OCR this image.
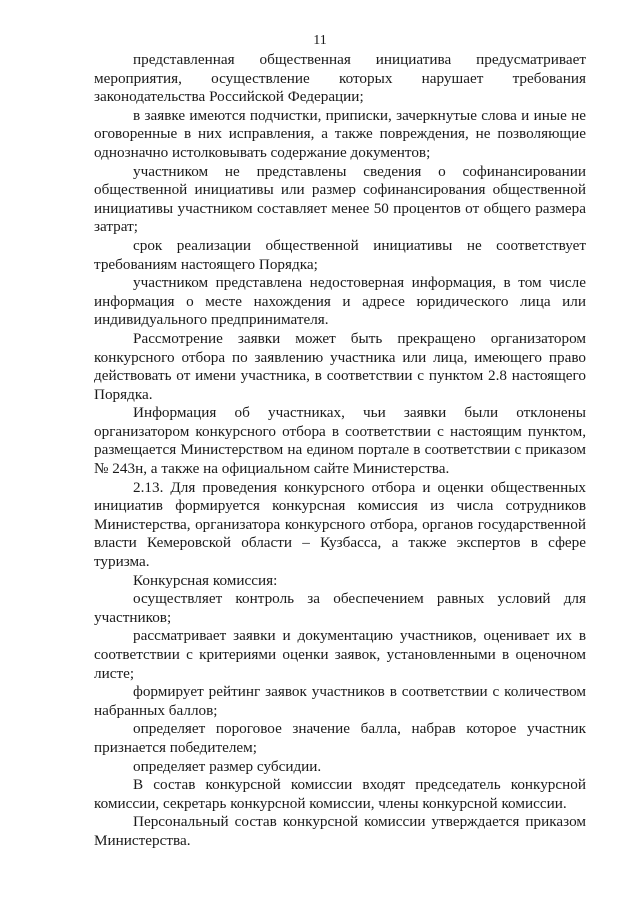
11

представленная общественная инициатива предусматривает мероприятия, осуществление которых нарушает требования законодательства Российской Федерации;

в заявке имеются подчистки, приписки, зачеркнутые слова и иные не оговоренные в них исправления, а также повреждения, не позволяющие однозначно истолковывать содержание документов;

участником не представлены сведения о софинансировании общественной инициативы или размер софинансирования общественной инициативы участником составляет менее 50 процентов от общего размера затрат;

срок реализации общественной инициативы не соответствует требованиям настоящего Порядка;

участником представлена недостоверная информация, в том числе информация о месте нахождения и адресе юридического лица или индивидуального предпринимателя.

Рассмотрение заявки может быть прекращено организатором конкурсного отбора по заявлению участника или лица, имеющего право действовать от имени участника, в соответствии с пунктом 2.8 настоящего Порядка.

Информация об участниках, чьи заявки были отклонены организатором конкурсного отбора в соответствии с настоящим пунктом, размещается Министерством на едином портале в соответствии с приказом № 243н, а также на официальном сайте Министерства.

2.13. Для проведения конкурсного отбора и оценки общественных инициатив формируется конкурсная комиссия из числа сотрудников Министерства, организатора конкурсного отбора, органов государственной власти Кемеровской области – Кузбасса, а также экспертов в сфере туризма.

Конкурсная комиссия:

осуществляет контроль за обеспечением равных условий для участников;

рассматривает заявки и документацию участников, оценивает их в соответствии с критериями оценки заявок, установленными в оценочном листе;

формирует рейтинг заявок участников в соответствии с количеством набранных баллов;

определяет пороговое значение балла, набрав которое участник признается победителем;

определяет размер субсидии.

В состав конкурсной комиссии входят председатель конкурсной комиссии, секретарь конкурсной комиссии, члены конкурсной комиссии.

Персональный состав конкурсной комиссии утверждается приказом Министерства.
